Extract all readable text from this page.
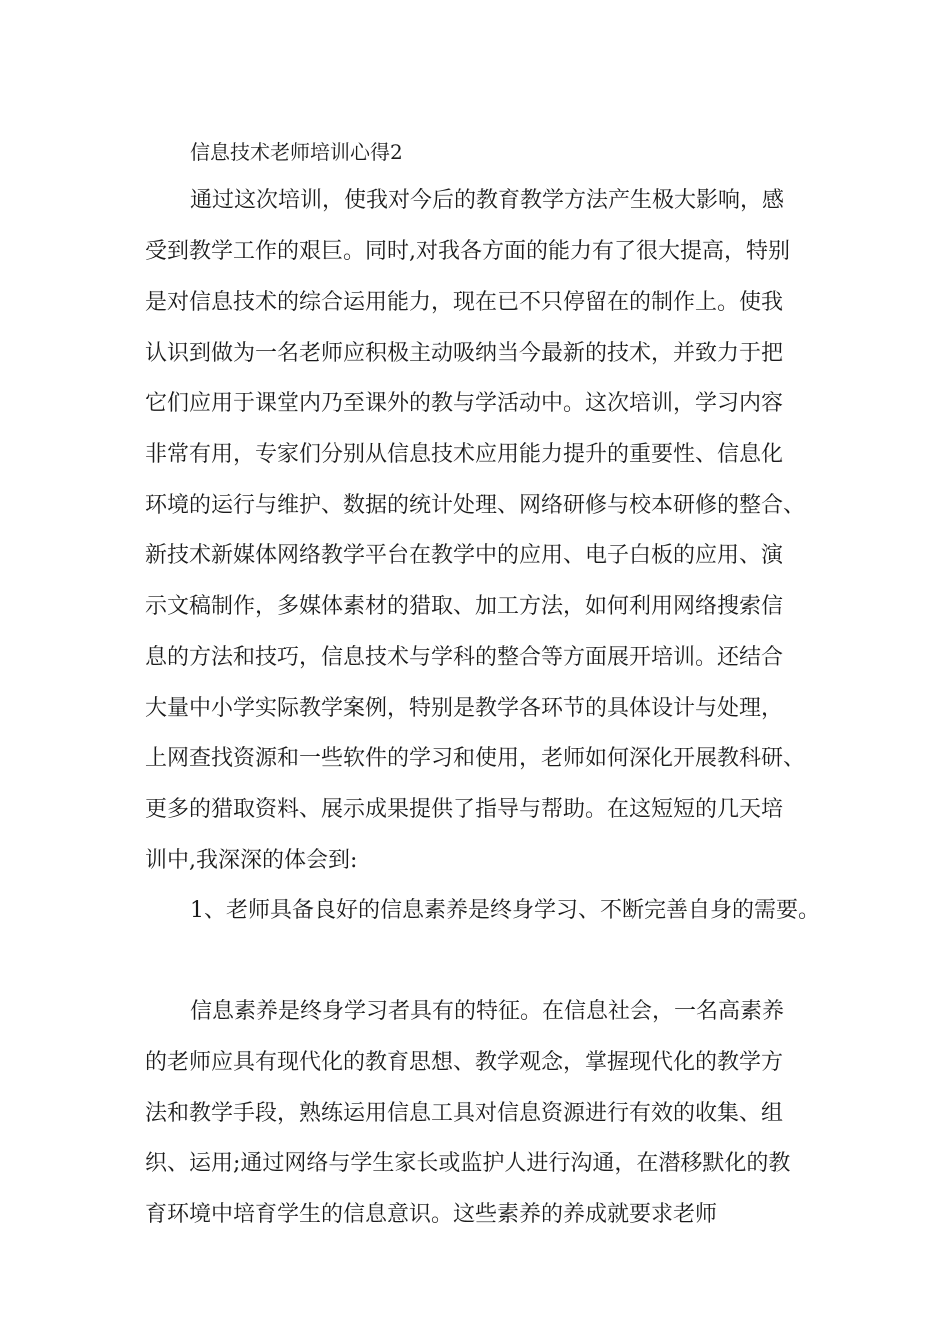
信息技术老师培训心得2

通过这次培训，使我对今后的教育教学方法产生极大影响，感

受到教学工作的艰巨。同时,对我各方面的能力有了很大提高，特别

是对信息技术的综合运用能力，现在已不只停留在的制作上。使我

认识到做为一名老师应积极主动吸纳当今最新的技术，并致力于把

它们应用于课堂内乃至课外的教与学活动中。这次培训，学习内容

非常有用，专家们分别从信息技术应用能力提升的重要性、信息化

环境的运行与维护、数据的统计处理、网络研修与校本研修的整合、

新技术新媒体网络教学平台在教学中的应用、电子白板的应用、演

示文稿制作，多媒体素材的猎取、加工方法，如何利用网络搜索信

息的方法和技巧，信息技术与学科的整合等方面展开培训。还结合

大量中小学实际教学案例，特别是教学各环节的具体设计与处理，

上网查找资源和一些软件的学习和使用，老师如何深化开展教科研、

更多的猎取资料、展示成果提供了指导与帮助。在这短短的几天培

训中,我深深的体会到:

1、老师具备良好的信息素养是终身学习、不断完善自身的需要。

信息素养是终身学习者具有的特征。在信息社会，一名高素养

的老师应具有现代化的教育思想、教学观念，掌握现代化的教学方

法和教学手段，熟练运用信息工具对信息资源进行有效的收集、组

织、运用;通过网络与学生家长或监护人进行沟通，在潜移默化的教

育环境中培育学生的信息意识。这些素养的养成就要求老师
